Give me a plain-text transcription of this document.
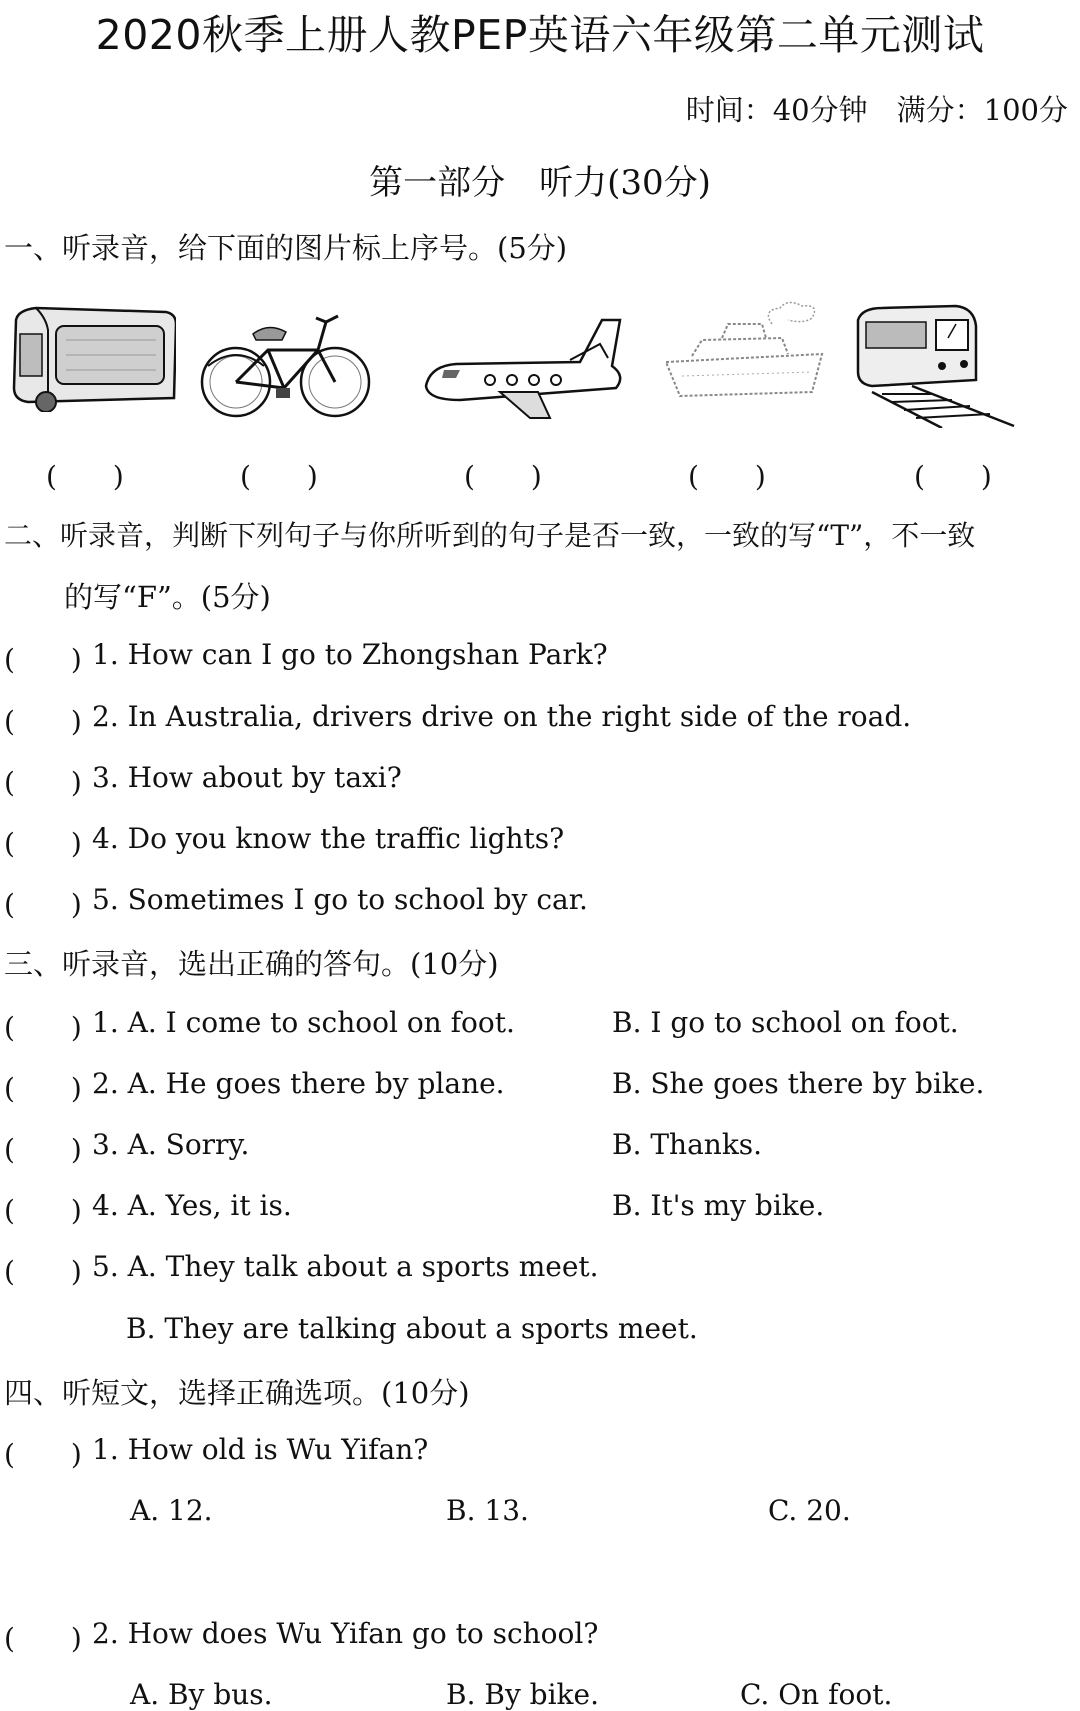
2020秋季上册人教PEP英语六年级第二单元测试
时间：40分钟　满分：100分
第一部分　听力(30分)
一、听录音，给下面的图片标上序号。(5分)
(　　)	(　　)	(　　)	(　　)	(　　)
二、听录音，判断下列句子与你所听到的句子是否一致，一致的写“T”，不一致
的写“F”。(5分)
(　　) 1. How can I go to Zhongshan Park?
(　　) 2. In Australia, drivers drive on the right side of the road.
(　　) 3. How about by taxi?
(　　) 4. Do you know the traffic lights?
(　　) 5. Sometimes I go to school by car.
三、听录音，选出正确的答句。(10分)
(　　) 1. A. I come to school on foot.	B. I go to school on foot.
(　　) 2. A. He goes there by plane.	B. She goes there by bike.
(　　) 3. A. Sorry.	B. Thanks.
(　　) 4. A. Yes, it is.	B. It's my bike.
(　　) 5. A. They talk about a sports meet.
B. They are talking about a sports meet.
四、听短文，选择正确选项。(10分)
(　　) 1. How old is Wu Yifan?
A. 12.	B. 13.	C. 20.
(　　) 2. How does Wu Yifan go to school?
A. By bus.	B. By bike.	C. On foot.
